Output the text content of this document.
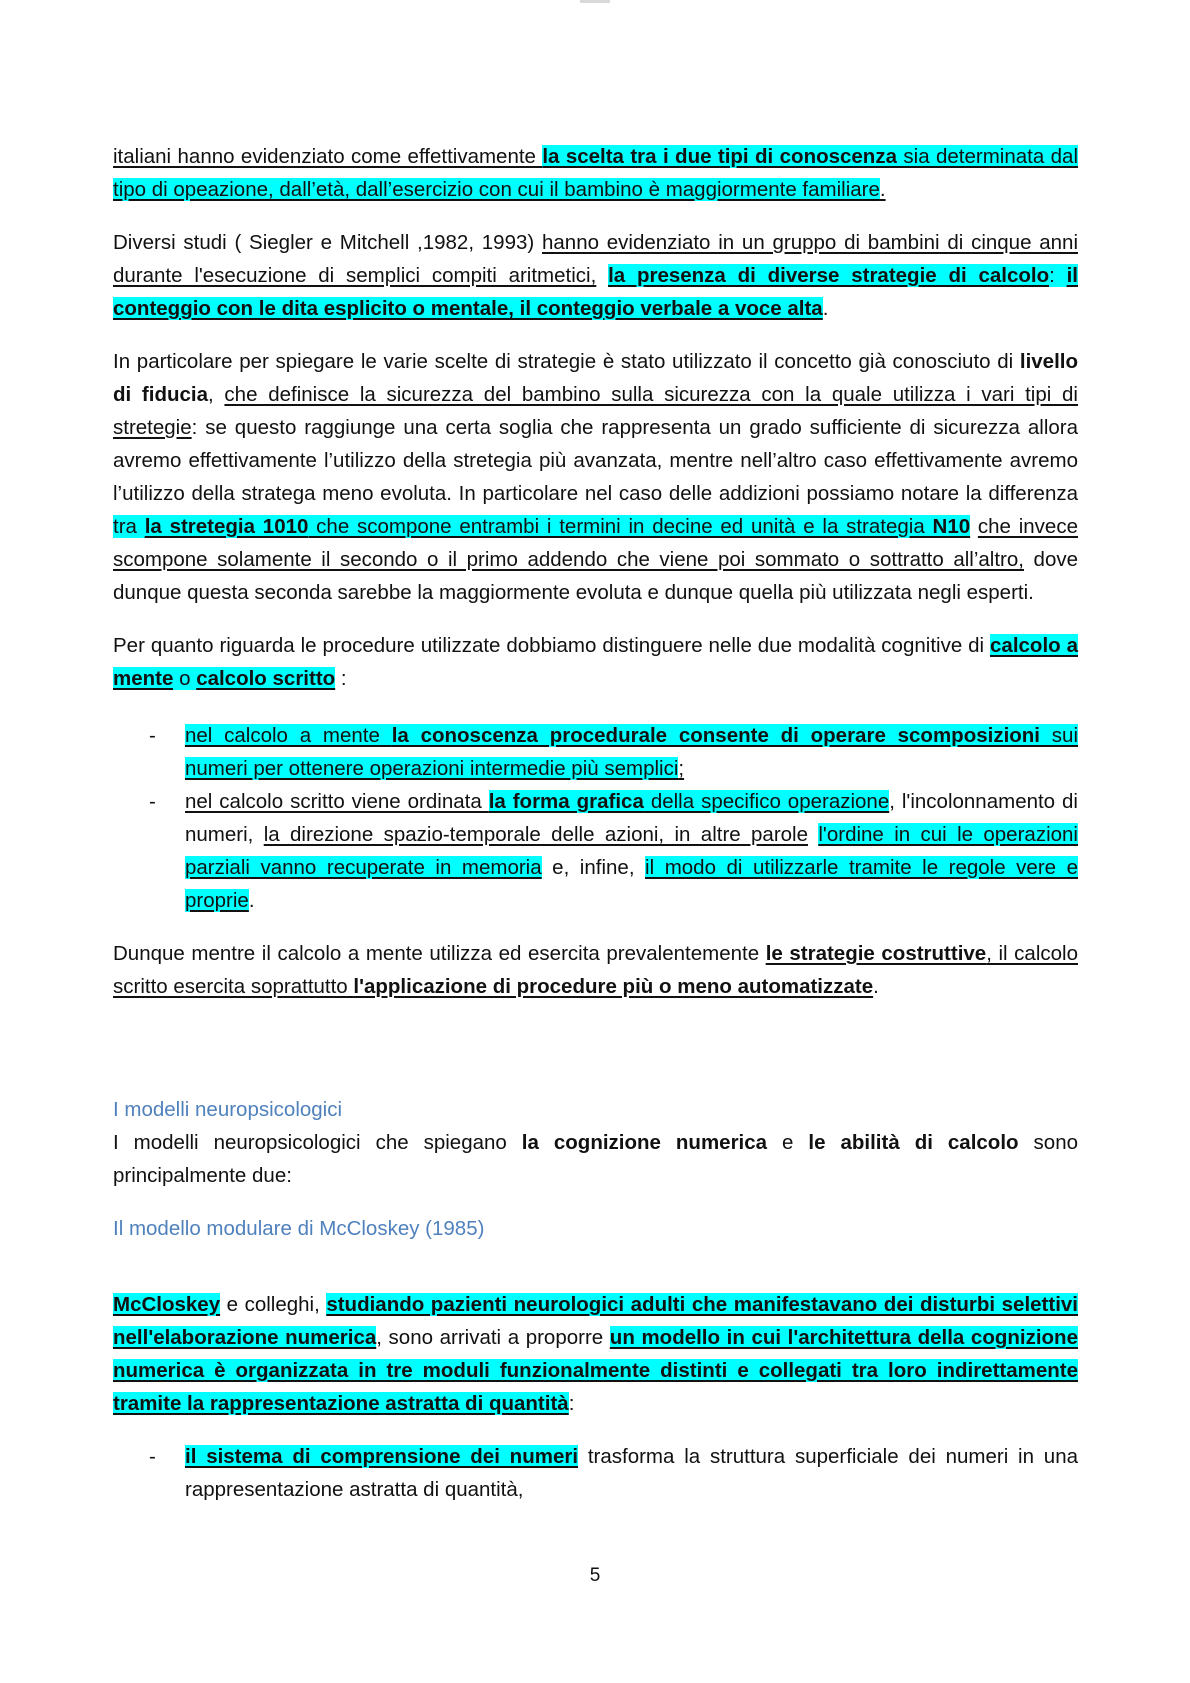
italiani hanno evidenziato come effettivamente la scelta tra i due tipi di conoscenza sia determinata dal tipo di opeazione, dall’età, dall’esercizio con cui il bambino è maggiormente familiare.

Diversi studi ( Siegler e Mitchell ,1982, 1993) hanno evidenziato in un gruppo di bambini di cinque anni durante l'esecuzione di semplici compiti aritmetici, la presenza di diverse strategie di calcolo: il conteggio con le dita esplicito o mentale, il conteggio verbale a voce alta.

In particolare per spiegare le varie scelte di strategie è stato utilizzato il concetto già conosciuto di livello di fiducia, che definisce la sicurezza del bambino sulla sicurezza con la quale utilizza i vari tipi di stretegie: se questo raggiunge una certa soglia che rappresenta un grado sufficiente di sicurezza allora avremo effettivamente l’utilizzo della stretegia più avanzata, mentre nell’altro caso effettivamente avremo l’utilizzo della stratega meno evoluta. In particolare nel caso delle addizioni possiamo notare la differenza tra la stretegia 1010 che scompone entrambi i termini in decine ed unità e la strategia N10 che invece scompone solamente il secondo o il primo addendo che viene poi sommato o sottratto all’altro, dove dunque questa seconda sarebbe la maggiormente evoluta e dunque quella più utilizzata negli esperti.

Per quanto riguarda le procedure utilizzate dobbiamo distinguere nelle due modalità cognitive di calcolo a mente o calcolo scritto :

- nel calcolo a mente la conoscenza procedurale consente di operare scomposizioni sui numeri per ottenere operazioni intermedie più semplici;
- nel calcolo scritto viene ordinata la forma grafica della specifico operazione, l'incolonnamento di numeri, la direzione spazio-temporale delle azioni, in altre parole l'ordine in cui le operazioni parziali vanno recuperate in memoria e, infine, il modo di utilizzarle tramite le regole vere e proprie.

Dunque mentre il calcolo a mente utilizza ed esercita prevalentemente le strategie costruttive, il calcolo scritto esercita soprattutto l'applicazione di procedure più o meno automatizzate.

I modelli neuropsicologici

I modelli neuropsicologici che spiegano la cognizione numerica e le abilità di calcolo sono principalmente due:

Il modello modulare di McCloskey (1985)

McCloskey e colleghi, studiando pazienti neurologici adulti che manifestavano dei disturbi selettivi nell'elaborazione numerica, sono arrivati a proporre un modello in cui l'architettura della cognizione numerica è organizzata in tre moduli funzionalmente distinti e collegati tra loro indirettamente tramite la rappresentazione astratta di quantità:

- il sistema di comprensione dei numeri trasforma la struttura superficiale dei numeri in una rappresentazione astratta di quantità,
5
